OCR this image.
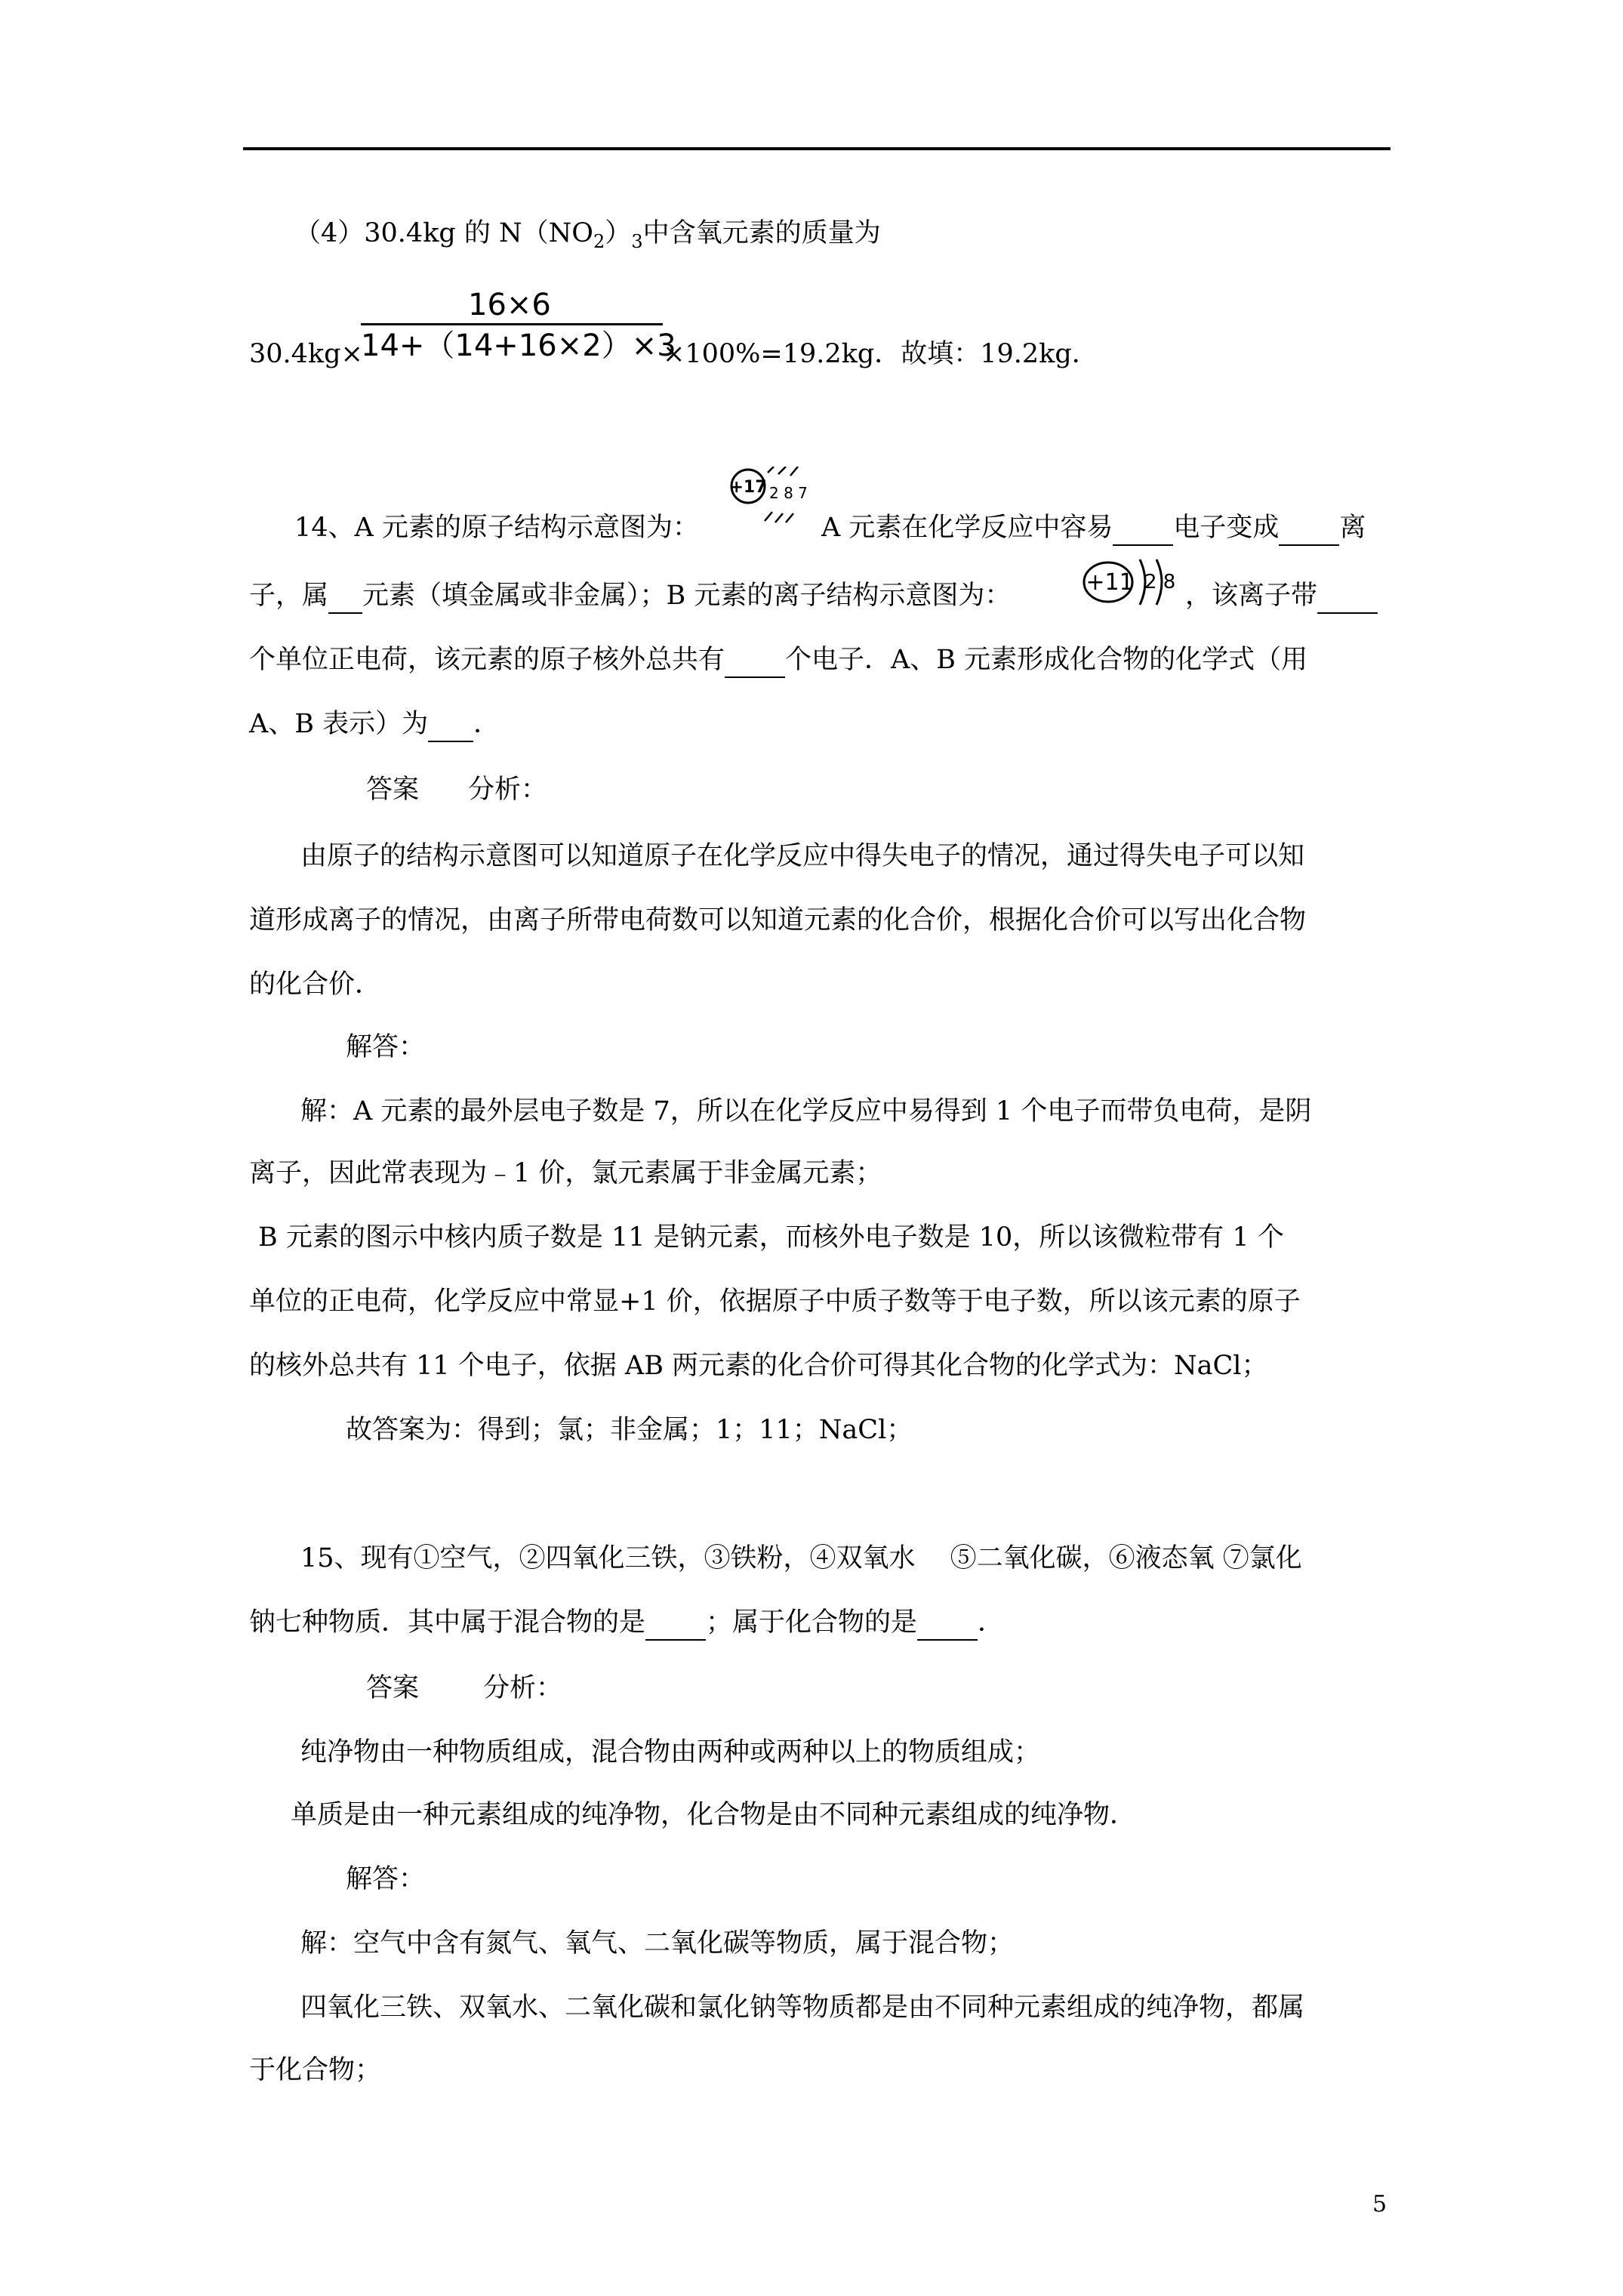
（4）30.4kg 的 $N(NO_2)_3$中含氧元素的质量为
16×6
14+（14+16×2）×3
30.4kg×	×100%=19.2kg．故填：19.2kg．
+17 2 8 7
14、A 元素的原子结构示意图为：	A 元素在化学反应中容易 电子变成 离
+11 2 8
子，属 元素（填金属或非金属）；B 元素的离子结构示意图为：	，该离子带
个单位正电荷，该元素的原子核外总共有 个电子．A、B 元素形成化合物的化学式（用
A、B 表示）为 ．
答案 分析：
由原子的结构示意图可以知道原子在化学反应中得失电子的情况，通过得失电子可以知
道形成离子的情况，由离子所带电荷数可以知道元素的化合价，根据化合价可以写出化合物
的化合价．
解答：
解：A 元素的最外层电子数是 7，所以在化学反应中易得到 1 个电子而带负电荷，是阴
离子，因此常表现为﹣1 价，氯元素属于非金属元素；
B 元素的图示中核内质子数是 11 是钠元素，而核外电子数是 10，所以该微粒带有 1 个
单位的正电荷，化学反应中常显+1 价，依据原子中质子数等于电子数，所以该元素的原子
的核外总共有 11 个电子，依据 AB 两元素的化合价可得其化合物的化学式为：NaCl；
故答案为：得到；氯；非金属；1；11；NaCl；
15、现有①空气，②四氧化三铁，③铁粉，④双氧水　 ⑤二氧化碳，⑥液态氧 ⑦氯化
钠七种物质．其中属于混合物的是 ；属于化合物的是 ．
答案 分析：
纯净物由一种物质组成，混合物由两种或两种以上的物质组成；
单质是由一种元素组成的纯净物，化合物是由不同种元素组成的纯净物．
解答：
解：空气中含有氮气、氧气、二氧化碳等物质，属于混合物；
四氧化三铁、双氧水、二氧化碳和氯化钠等物质都是由不同种元素组成的纯净物，都属
于化合物；
5
